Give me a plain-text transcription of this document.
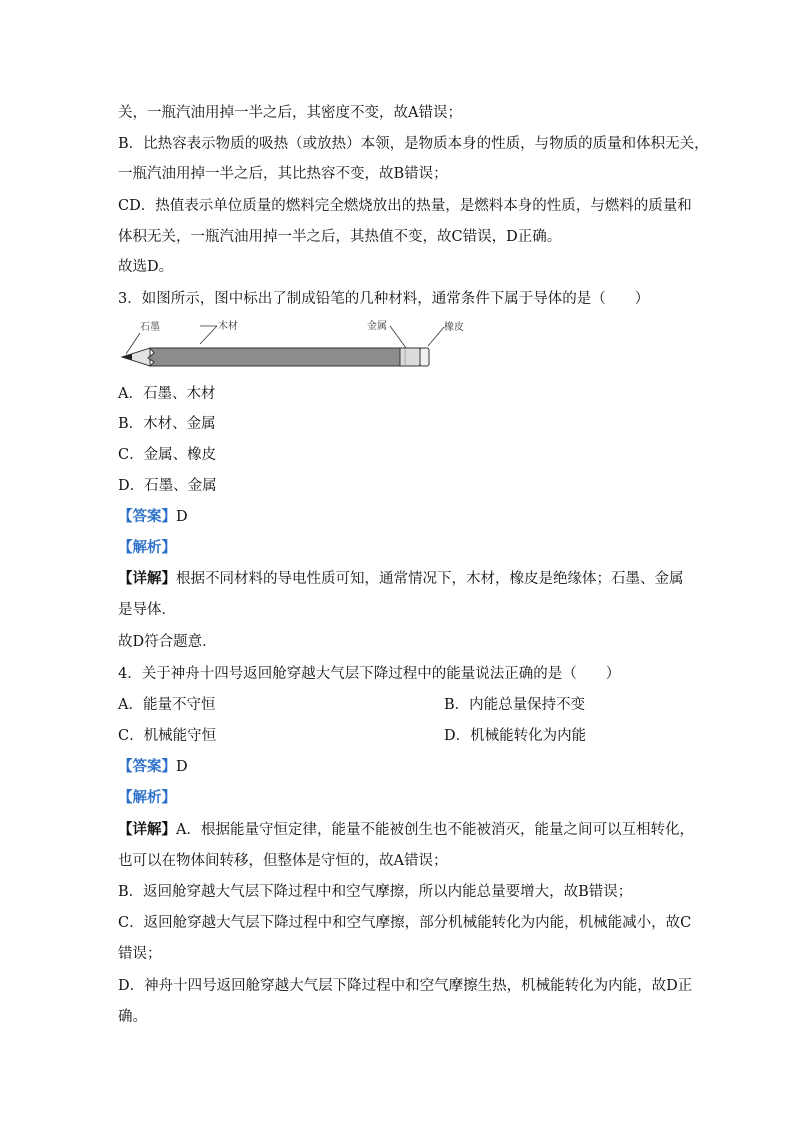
关，一瓶汽油用掉一半之后，其密度不变，故A错误；
B．比热容表示物质的吸热（或放热）本领，是物质本身的性质，与物质的质量和体积无关，
一瓶汽油用掉一半之后，其比热容不变，故B错误；
CD．热值表示单位质量的燃料完全燃烧放出的热量，是燃料本身的性质，与燃料的质量和
体积无关，一瓶汽油用掉一半之后，其热值不变，故C错误，D正确。
故选D。
3．如图所示，图中标出了制成铅笔的几种材料，通常条件下属于导体的是（　　）
石墨	木材	金属	橡皮
A．石墨、木材
B．木材、金属
C．金属、橡皮
D．石墨、金属
【答案】D
【解析】
【详解】根据不同材料的导电性质可知，通常情况下，木材，橡皮是绝缘体；石墨、金属
是导体．
故D符合题意．
4．关于神舟十四号返回舱穿越大气层下降过程中的能量说法正确的是（　　）
A．能量不守恒	B．内能总量保持不变
C．机械能守恒	D．机械能转化为内能
【答案】D
【解析】
【详解】A．根据能量守恒定律，能量不能被创生也不能被消灭，能量之间可以互相转化，
也可以在物体间转移，但整体是守恒的，故A错误；
B．返回舱穿越大气层下降过程中和空气摩擦，所以内能总量要增大，故B错误；
C．返回舱穿越大气层下降过程中和空气摩擦，部分机械能转化为内能，机械能减小，故C
错误；
D．神舟十四号返回舱穿越大气层下降过程中和空气摩擦生热，机械能转化为内能，故D正
确。
